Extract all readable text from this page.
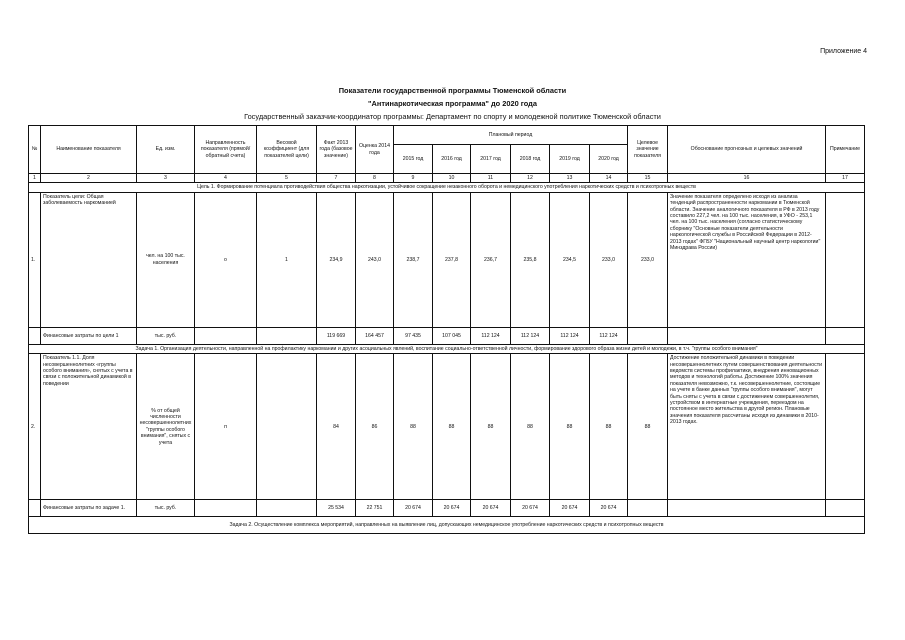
Приложение 4
Показатели государственной программы Тюменской области
"Антинаркотическая программа" до 2020 года
Государственный заказчик-координатор программы: Департамент по спорту и молодежной политике Тюменской области
№	Наименование показателя	Ед. изм.	Направленность показателя (прямой/обратный счета)	Весовой коэффициент (для показателей цели)	Факт 2013 года (базовое значение)	Оценка 2014 года	Плановый период						Целевое значение показателя	Обоснование прогнозных и целевых значений	Примечание
							2015 год	2016 год	2017 год	2018 год	2019 год	2020 год			
1	2	3	4	5	7	8	9	10	11	12	13	14	15	16	17
Цель 1. Формирование потенциала противодействия общества наркотизации, устойчивое сокращение незаконного оборота и немедицинского употребления наркотических средств и психотропных веществ															
1.	Показатель цели: Общая заболеваемость наркоманией	чел. на 100 тыс. населения	о	1	234,9	243,0	238,7	237,8	236,7	235,8	234,5	233,0	233,0	Значение показателя определено исходя из анализа тенденций распространенности наркомании в Тюменской области. Значение аналогичного показателя в РФ в 2013 году составило 227,2 чел. на 100 тыс. населения, в УФО - 253,1 чел. на 100 тыс. населения (согласно статистическому сборнику "Основные показатели деятельности наркологической службы в Российской Федерации в 2012-2013 годах" ФГБУ "Национальный научный центр наркологии" Минздрава России)	
	Финансовые затраты по цели 1	тыс. руб.			119 669	164 457	97 435	107 045	112 124	112 124	112 124	112 124			
Задача 1. Организация деятельности, направленной на профилактику наркомании и других асоциальных явлений, воспитание социально-ответственной личности, формирование здорового образа жизни детей и молодежи, в т.ч. "группы особого внимания"															
2.	Показатель 1.1. Доля несовершеннолетних «группы особого внимания», снятых с учета в связи с положительной динамикой в поведении	% от общей численности несовершеннолетних "группы особого внимания", снятых с учета	п		84	86	88	88	88	88	88	88	88	Достижение положительной динамики в поведении несовершеннолетних путем совершенствования деятельности ведомств системы профилактики, внедрения инновационных методов и технологий работы. Достижение 100% значения показателя невозможно, т.к. несовершеннолетние, состоящие на учете в банке данных "группы особого внимания", могут быть сняты с учета в связи с достижением совершеннолетия, устройством в интернатные учреждения, переездом на постоянное место жительства в другой регион. Плановые значения показателя рассчитаны исходя из динамики в 2010-2013 годах.	
	Финансовые затраты по задаче 1.	тыс. руб.			25 534	22 751	20 674	20 674	20 674	20 674	20 674	20 674			
Задача 2. Осуществление комплекса мероприятий, направленных на выявление лиц, допускающих немедицинское употребление наркотических средств и психотропных веществ															
